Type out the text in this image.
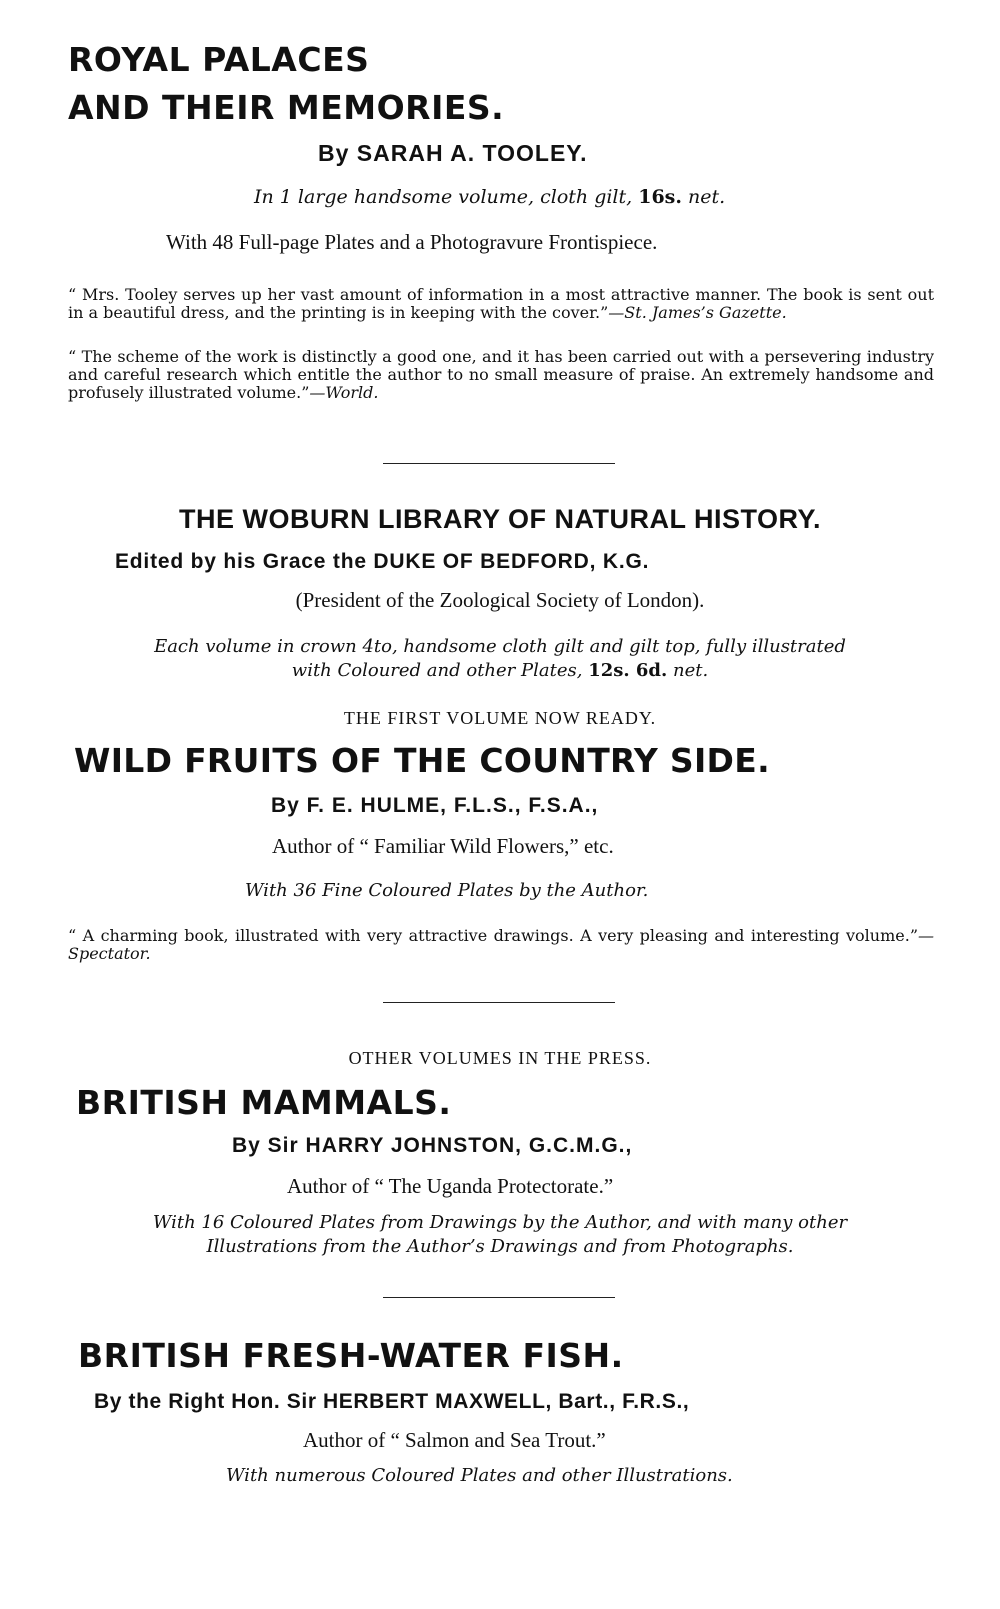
ROYAL PALACES
AND THEIR MEMORIES.
By SARAH A. TOOLEY.
In 1 large handsome volume, cloth gilt, 16s. net.
With 48 Full-page Plates and a Photogravure Frontispiece.
“ Mrs. Tooley serves up her vast amount of information in a most attractive manner. The book is sent out in a beautiful dress, and the printing is in keeping with the cover.”—St. James’s Gazette.
“ The scheme of the work is distinctly a good one, and it has been carried out with a persevering industry and careful research which entitle the author to no small measure of praise. An extremely handsome and profusely illustrated volume.”—World.
THE WOBURN LIBRARY OF NATURAL HISTORY.
Edited by his Grace the DUKE OF BEDFORD, K.G.
(President of the Zoological Society of London).
Each volume in crown 4to, handsome cloth gilt and gilt top, fully illustrated
with Coloured and other Plates, 12s. 6d. net.
THE FIRST VOLUME NOW READY.
WILD FRUITS OF THE COUNTRY SIDE.
By F. E. HULME, F.L.S., F.S.A.,
Author of “ Familiar Wild Flowers,” etc.
With 36 Fine Coloured Plates by the Author.
“ A charming book, illustrated with very attractive drawings. A very pleasing and interesting volume.”—Spectator.
OTHER VOLUMES IN THE PRESS.
BRITISH MAMMALS.
By Sir HARRY JOHNSTON, G.C.M.G.,
Author of “ The Uganda Protectorate.”
With 16 Coloured Plates from Drawings by the Author, and with many other
Illustrations from the Author’s Drawings and from Photographs.
BRITISH FRESH-WATER FISH.
By the Right Hon. Sir HERBERT MAXWELL, Bart., F.R.S.,
Author of “ Salmon and Sea Trout.”
With numerous Coloured Plates and other Illustrations.
